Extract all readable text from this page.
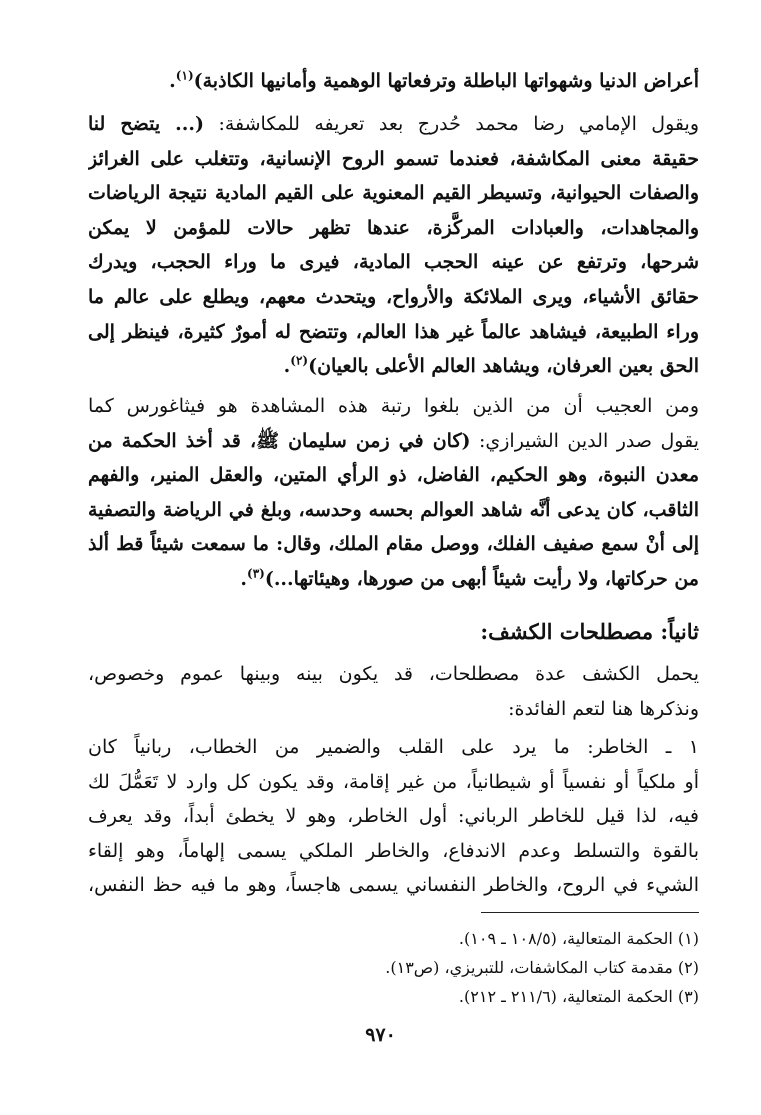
أعراض الدنيا وشهواتها الباطلة وترفعاتها الوهمية وأمانيها الكاذبة)$^{(١)}$.
ويقول الإمامي رضا محمد حُدرج بعد تعريفه للمكاشفة: (... يتضح لنا
حقيقة معنى المكاشفة، فعندما تسمو الروح الإنسانية، وتتغلب على الغرائز
والصفات الحيوانية، وتسيطر القيم المعنوية على القيم المادية نتيجة الرياضات
والمجاهدات، والعبادات المركَّزة، عندها تظهر حالات للمؤمن لا يمكن
شرحها، وترتفع عن عينه الحجب المادية، فيرى ما وراء الحجب، ويدرك
حقائق الأشياء، ويرى الملائكة والأرواح، ويتحدث معهم، ويطلع على عالم ما
وراء الطبيعة، فيشاهد عالماً غير هذا العالم، وتتضح له أمورٌ كثيرة، فينظر إلى
الحق بعين العرفان، ويشاهد العالم الأعلى بالعيان)$^{(٢)}$.
ومن العجيب أن من الذين بلغوا رتبة هذه المشاهدة هو فيثاغورس كما
يقول صدر الدين الشيرازي: (كان في زمن سليمان ﷺ، قد أخذ الحكمة من
معدن النبوة، وهو الحكيم، الفاضل، ذو الرأي المتين، والعقل المنير، والفهم
الثاقب، كان يدعى أنَّه شاهد العوالم بحسه وحدسه، وبلغ في الرياضة والتصفية
إلى أنْ سمع صفيف الفلك، ووصل مقام الملك، وقال: ما سمعت شيئاً قط ألذ
من حركاتها، ولا رأيت شيئاً أبهى من صورها، وهيئاتها...)$^{(٣)}$.
ثانياً: مصطلحات الكشف:
يحمل الكشف عدة مصطلحات، قد يكون بينه وبينها عموم وخصوص،
ونذكرها هنا لتعم الفائدة:
١ ـ الخاطر: ما يرد على القلب والضمير من الخطاب، ربانياً كان
أو ملكياً أو نفسياً أو شيطانياً، من غير إقامة، وقد يكون كل وارد لا تَعَمُّلَ لك
فيه، لذا قيل للخاطر الرباني: أول الخاطر، وهو لا يخطئ أبداً، وقد يعرف
بالقوة والتسلط وعدم الاندفاع، والخاطر الملكي يسمى إلهاماً، وهو إلقاء
الشيء في الروح، والخاطر النفساني يسمى هاجساً، وهو ما فيه حظ النفس،
(١) الحكمة المتعالية، (١٠٨/٥ ـ ١٠٩).
(٢) مقدمة كتاب المكاشفات، للتبريزي، (ص١٣).
(٣) الحكمة المتعالية، (٢١١/٦ ـ ٢١٢).
٩٧٠
